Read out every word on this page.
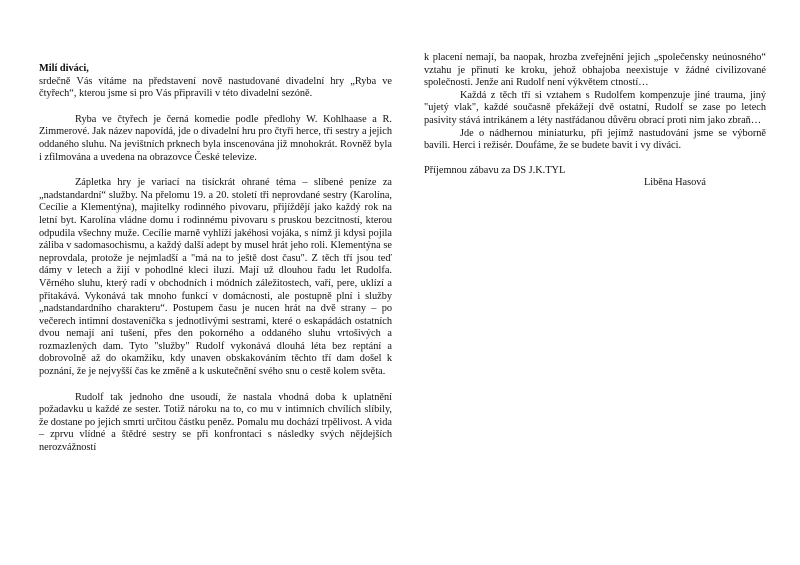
Milí diváci,

srdečně Vás vítáme na představení nově nastudované divadelní hry „Ryba ve čtyřech“, kterou jsme si pro Vás připravili v této divadelní sezóně.

Ryba ve čtyřech je černá komedie podle předlohy W. Kohlhaase a R. Zimmerové. Jak název napovídá, jde o divadelní hru pro čtyři herce, tři sestry a jejich oddaného sluhu. Na jevištních prknech byla inscenována již mnohokrát. Rovněž byla i zfilmována a uvedena na obrazovce České televize.

Zápletka hry je variací na tisíckrát ohrané téma – slíbené peníze za „nadstandardní“ služby. Na přelomu 19. a 20. století tři neprovdané sestry (Karolína, Cecílie a Klementýna), majitelky rodinného pivovaru, přijíždějí jako každý rok na letní byt. Karolína vládne domu i rodinnému pivovaru s pruskou bezcitností, kterou odpudila všechny muže. Cecílie marně vyhlíží jakéhosi vojáka, s nímž ji kdysi pojila záliba v sadomasochismu, a každý další adept by musel hrát jeho roli. Klementýna se neprovdala, protože je nejmladší a "má na to ještě dost času". Z těch tří jsou teď dámy v letech a žijí v pohodlné kleci iluzí. Mají už dlouhou řadu let Rudolfa. Věrného sluhu, který radí v obchodních i módních záležitostech, vaří, pere, uklízí a přitakává. Vykonává tak mnoho funkcí v domácnosti, ale postupně plní i služby „nadstandardního charakteru“. Postupem času je nucen hrát na dvě strany – po večerech intimní dostaveníčka s jednotlivými sestrami, které o eskapádách ostatních dvou nemají ani tušení, přes den pokorného a oddaného sluhu vrtošivých a rozmazlených dam. Tyto "služby" Rudolf vykonává dlouhá léta bez reptání a dobrovolně až do okamžiku, kdy unaven obskakováním těchto tří dam došel k poznání, že je nejvyšší čas ke změně a k uskutečnění svého snu o cestě kolem světa.

Rudolf tak jednoho dne usoudí, že nastala vhodná doba k uplatnění požadavku u každé ze sester. Totiž nároku na to, co mu v intimních chvílích slíbily, že dostane po jejich smrti určitou částku peněz. Pomalu mu dochází trpělivost. A vida – zprvu vlídné a štědré sestry se při konfrontaci s následky svých nějdejších nerozvážností

k placení nemají, ba naopak, hrozba zveřejnění jejich „společensky neúnosného“ vztahu je přinutí ke kroku, jehož obhajoba neexistuje v žádné civilizované společnosti. Jenže ani Rudolf není výkvětem ctností…

Každá z těch tří si vztahem s Rudolfem kompenzuje jiné trauma, jiný "ujetý vlak", každé současně překážejí dvě ostatní, Rudolf se zase po letech pasivity stává intrikánem a léty nastřádanou důvěru obrací proti nim jako zbraň…

Jde o nádhernou miniaturku, při jejímž nastudování jsme se výborně bavili. Herci i režisér. Doufáme, že se budete bavit i vy diváci.

Příjemnou zábavu za DS J.K.TYL

Liběna Hasová
